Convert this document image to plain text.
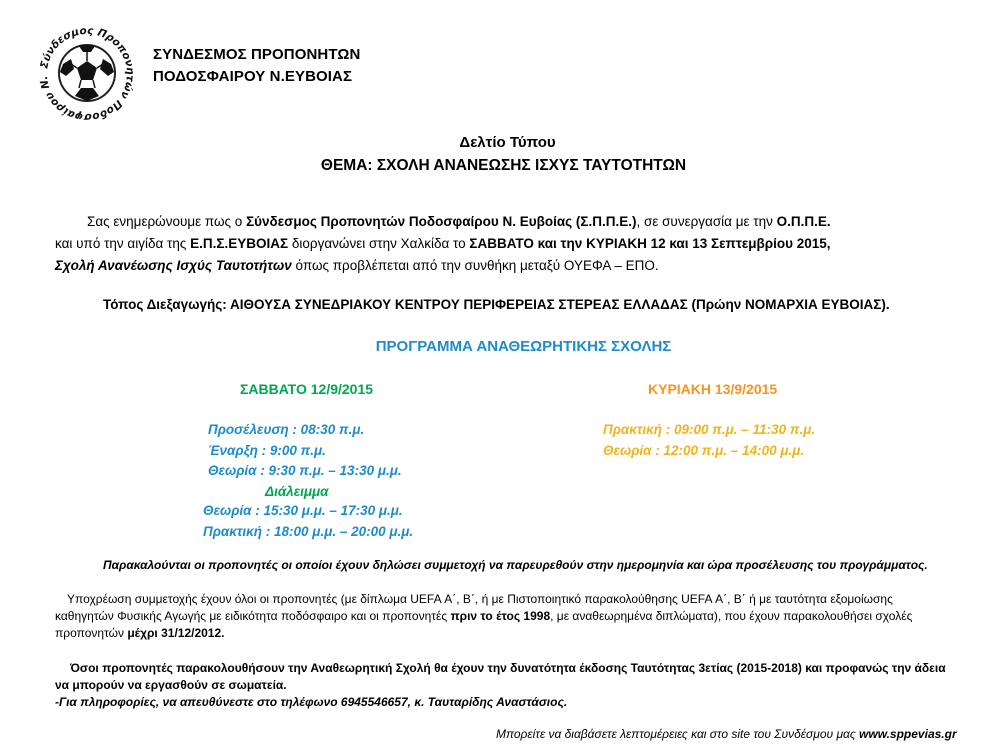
Σύνδεσμος Προπονητών Ποδοσφαίρου Ν.
ΣΥΝΔΕΣΜΟΣ ΠΡΟΠΟΝΗΤΩΝ
ΠΟΔΟΣΦΑΙΡΟΥ Ν.ΕΥΒΟΙΑΣ
Δελτίο Τύπου
ΘΕΜΑ: ΣΧΟΛΗ ΑΝΑΝΕΩΣΗΣ ΙΣΧΥΣ ΤΑΥΤΟΤΗΤΩΝ
Σας ενημερώνουμε πως ο Σύνδεσμος Προπονητών Ποδοσφαίρου Ν. Ευβοίας (Σ.Π.Π.Ε.), σε συνεργασία με την Ο.Π.Π.Ε.
και υπό την αιγίδα της Ε.Π.Σ.ΕΥΒΟΙΑΣ διοργανώνει στην Χαλκίδα το ΣΑΒΒΑΤΟ και την ΚΥΡΙΑΚΗ 12 και 13 Σεπτεμβρίου 2015,
Σχολή Ανανέωσης Ισχύς Ταυτοτήτων όπως προβλέπεται από την συνθήκη μεταξύ ΟΥΕΦΑ – ΕΠΟ.
Τόπος Διεξαγωγής: ΑΙΘΟΥΣΑ ΣΥΝΕΔΡΙΑΚΟΥ ΚΕΝΤΡΟΥ ΠΕΡΙΦΕΡΕΙΑΣ ΣΤΕΡΕΑΣ ΕΛΛΑΔΑΣ (Πρώην ΝΟΜΑΡΧΙΑ ΕΥΒΟΙΑΣ).
ΠΡΟΓΡΑΜΜΑ ΑΝΑΘΕΩΡΗΤΙΚΗΣ ΣΧΟΛΗΣ
ΣΑΒΒΑΤΟ 12/9/2015
Προσέλευση : 08:30 π.μ.
Έναρξη : 9:00 π.μ.
Θεωρία : 9:30 π.μ. – 13:30 μ.μ.
Διάλειμμα
Θεωρία : 15:30 μ.μ. – 17:30 μ.μ.
Πρακτική : 18:00 μ.μ. – 20:00 μ.μ.
ΚΥΡΙΑΚΗ 13/9/2015
Πρακτική : 09:00 π.μ. – 11:30 π.μ.
Θεωρία : 12:00 π.μ. – 14:00 μ.μ.
Παρακαλούνται οι προπονητές οι οποίοι έχουν δηλώσει συμμετοχή να παρευρεθούν στην ημερομηνία και ώρα προσέλευσης του προγράμματος.
Υποχρέωση συμμετοχής έχουν όλοι οι προπονητές (με δίπλωμα UEFA Α΄, Β΄, ή με Πιστοποιητικό παρακολούθησης UEFA Α΄, Β΄ ή με ταυτότητα εξομοίωσης
καθηγητών Φυσικής Αγωγής με ειδικότητα ποδόσφαιρο και οι προπονητές πριν το έτος 1998, με αναθεωρημένα διπλώματα), που έχουν παρακολουθήσει σχολές
προπονητών μέχρι 31/12/2012.
Όσοι προπονητές παρακολουθήσουν την Αναθεωρητική Σχολή θα έχουν την δυνατότητα έκδοσης Ταυτότητας 3ετίας (2015-2018) και προφανώς την άδεια
να μπορούν να εργασθούν σε σωματεία.
-Για πληροφορίες, να απευθύνεστε στο τηλέφωνο 6945546657, κ. Ταυταρίδης Αναστάσιος.
Μπορείτε να διαβάσετε λεπτομέρειες και στο site του Συνδέσμου μας www.sppevias.gr
